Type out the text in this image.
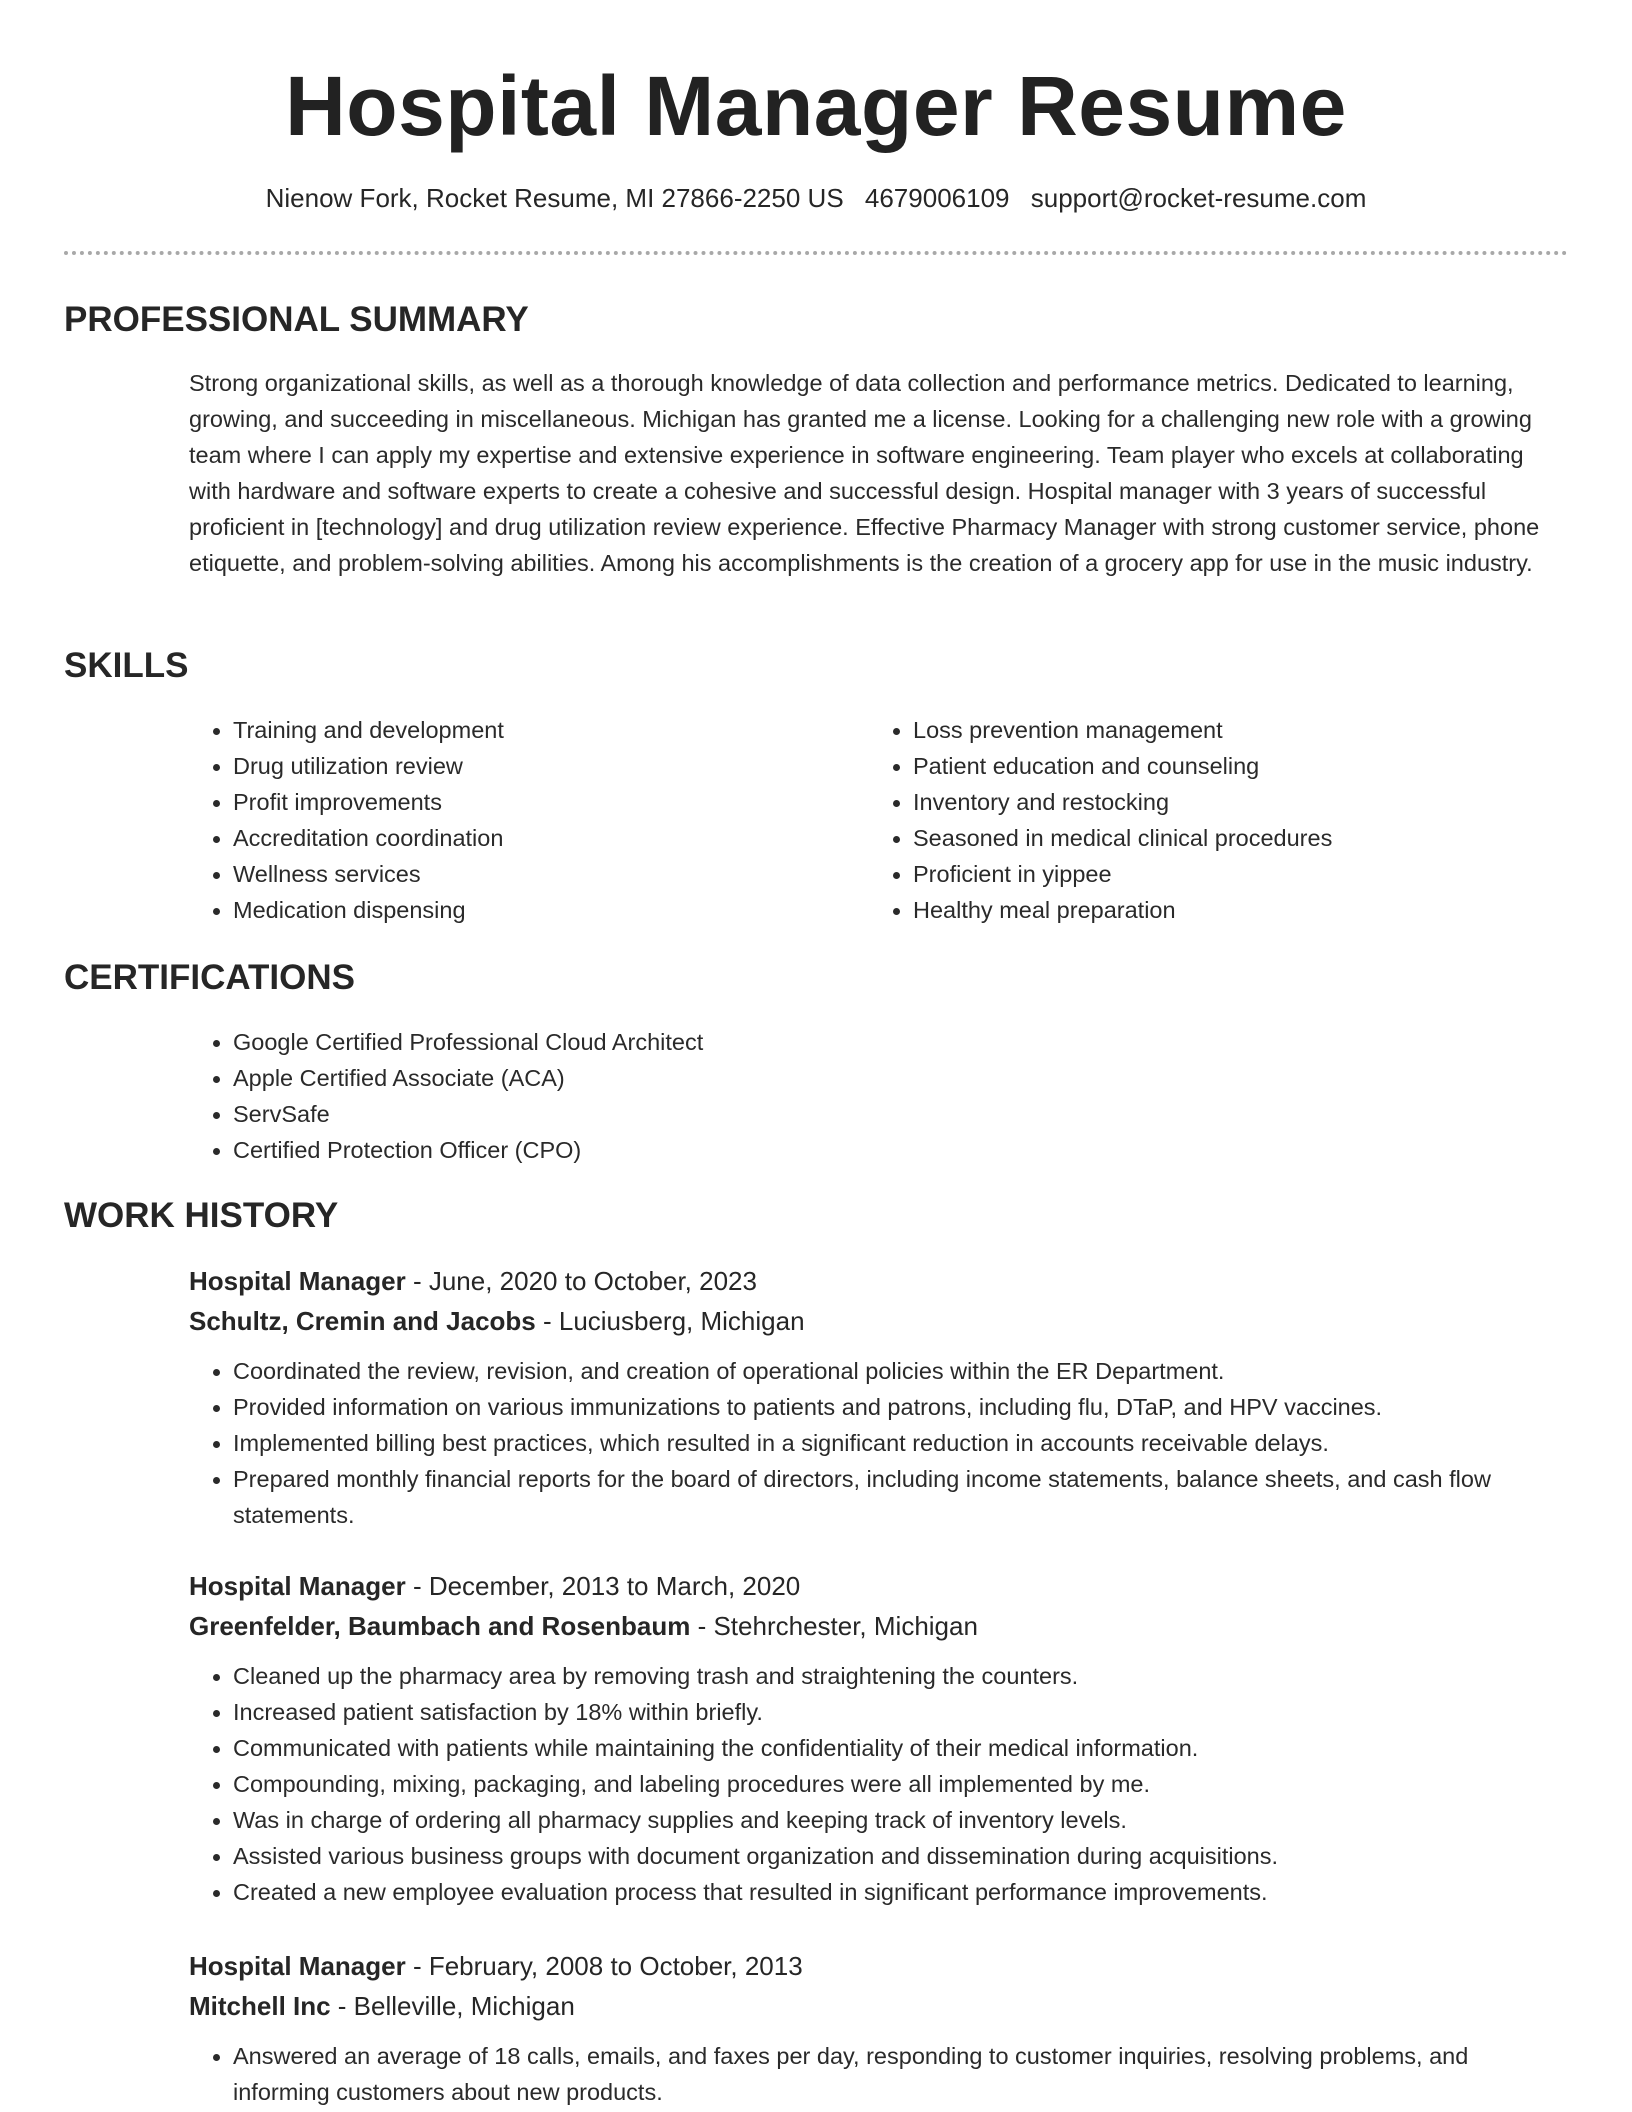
Hospital Manager Resume
Nienow Fork, Rocket Resume, MI 27866-2250 US 4679006109 support@rocket-resume.com
PROFESSIONAL SUMMARY

Strong organizational skills, as well as a thorough knowledge of data collection and performance metrics. Dedicated to learning, growing, and succeeding in miscellaneous. Michigan has granted me a license. Looking for a challenging new role with a growing team where I can apply my expertise and extensive experience in software engineering. Team player who excels at collaborating with hardware and software experts to create a cohesive and successful design. Hospital manager with 3 years of successful proficient in [technology] and drug utilization review experience. Effective Pharmacy Manager with strong customer service, phone etiquette, and problem-solving abilities. Among his accomplishments is the creation of a grocery app for use in the music industry.

SKILLS
• Training and development
• Drug utilization review
• Profit improvements
• Accreditation coordination
• Wellness services
• Medication dispensing
• Loss prevention management
• Patient education and counseling
• Inventory and restocking
• Seasoned in medical clinical procedures
• Proficient in yippee
• Healthy meal preparation
CERTIFICATIONS
• Google Certified Professional Cloud Architect
• Apple Certified Associate (ACA)
• ServSafe
• Certified Protection Officer (CPO)
WORK HISTORY
Hospital Manager - June, 2020 to October, 2023
Schultz, Cremin and Jacobs - Luciusberg, Michigan
• Coordinated the review, revision, and creation of operational policies within the ER Department.
• Provided information on various immunizations to patients and patrons, including flu, DTaP, and HPV vaccines.
• Implemented billing best practices, which resulted in a significant reduction in accounts receivable delays.
• Prepared monthly financial reports for the board of directors, including income statements, balance sheets, and cash flow statements.
Hospital Manager - December, 2013 to March, 2020
Greenfelder, Baumbach and Rosenbaum - Stehrchester, Michigan
• Cleaned up the pharmacy area by removing trash and straightening the counters.
• Increased patient satisfaction by 18% within briefly.
• Communicated with patients while maintaining the confidentiality of their medical information.
• Compounding, mixing, packaging, and labeling procedures were all implemented by me.
• Was in charge of ordering all pharmacy supplies and keeping track of inventory levels.
• Assisted various business groups with document organization and dissemination during acquisitions.
• Created a new employee evaluation process that resulted in significant performance improvements.
Hospital Manager - February, 2008 to October, 2013
Mitchell Inc - Belleville, Michigan
• Answered an average of 18 calls, emails, and faxes per day, responding to customer inquiries, resolving problems, and informing customers about new products.
